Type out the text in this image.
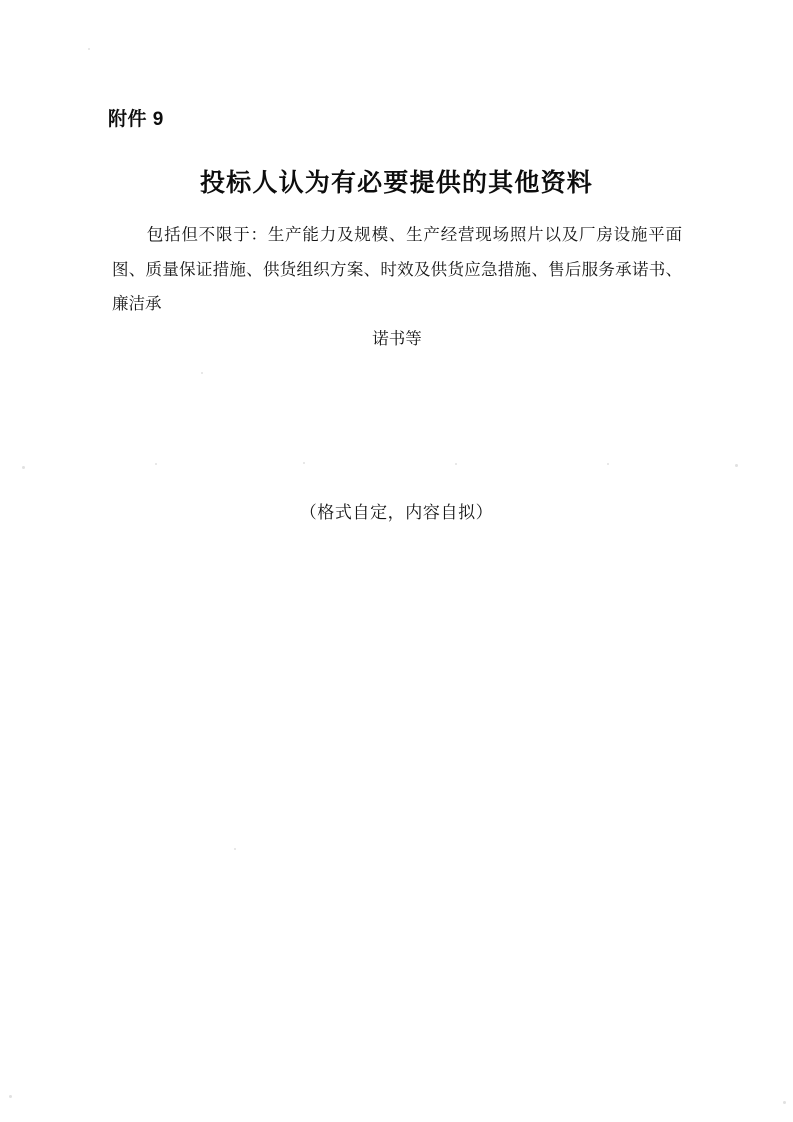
附件 9
投标人认为有必要提供的其他资料
包括但不限于：生产能力及规模、生产经营现场照片以及厂房设施平面图、质量保证措施、供货组织方案、时效及供货应急措施、售后服务承诺书、廉洁承
诺书等
（格式自定，内容自拟）
